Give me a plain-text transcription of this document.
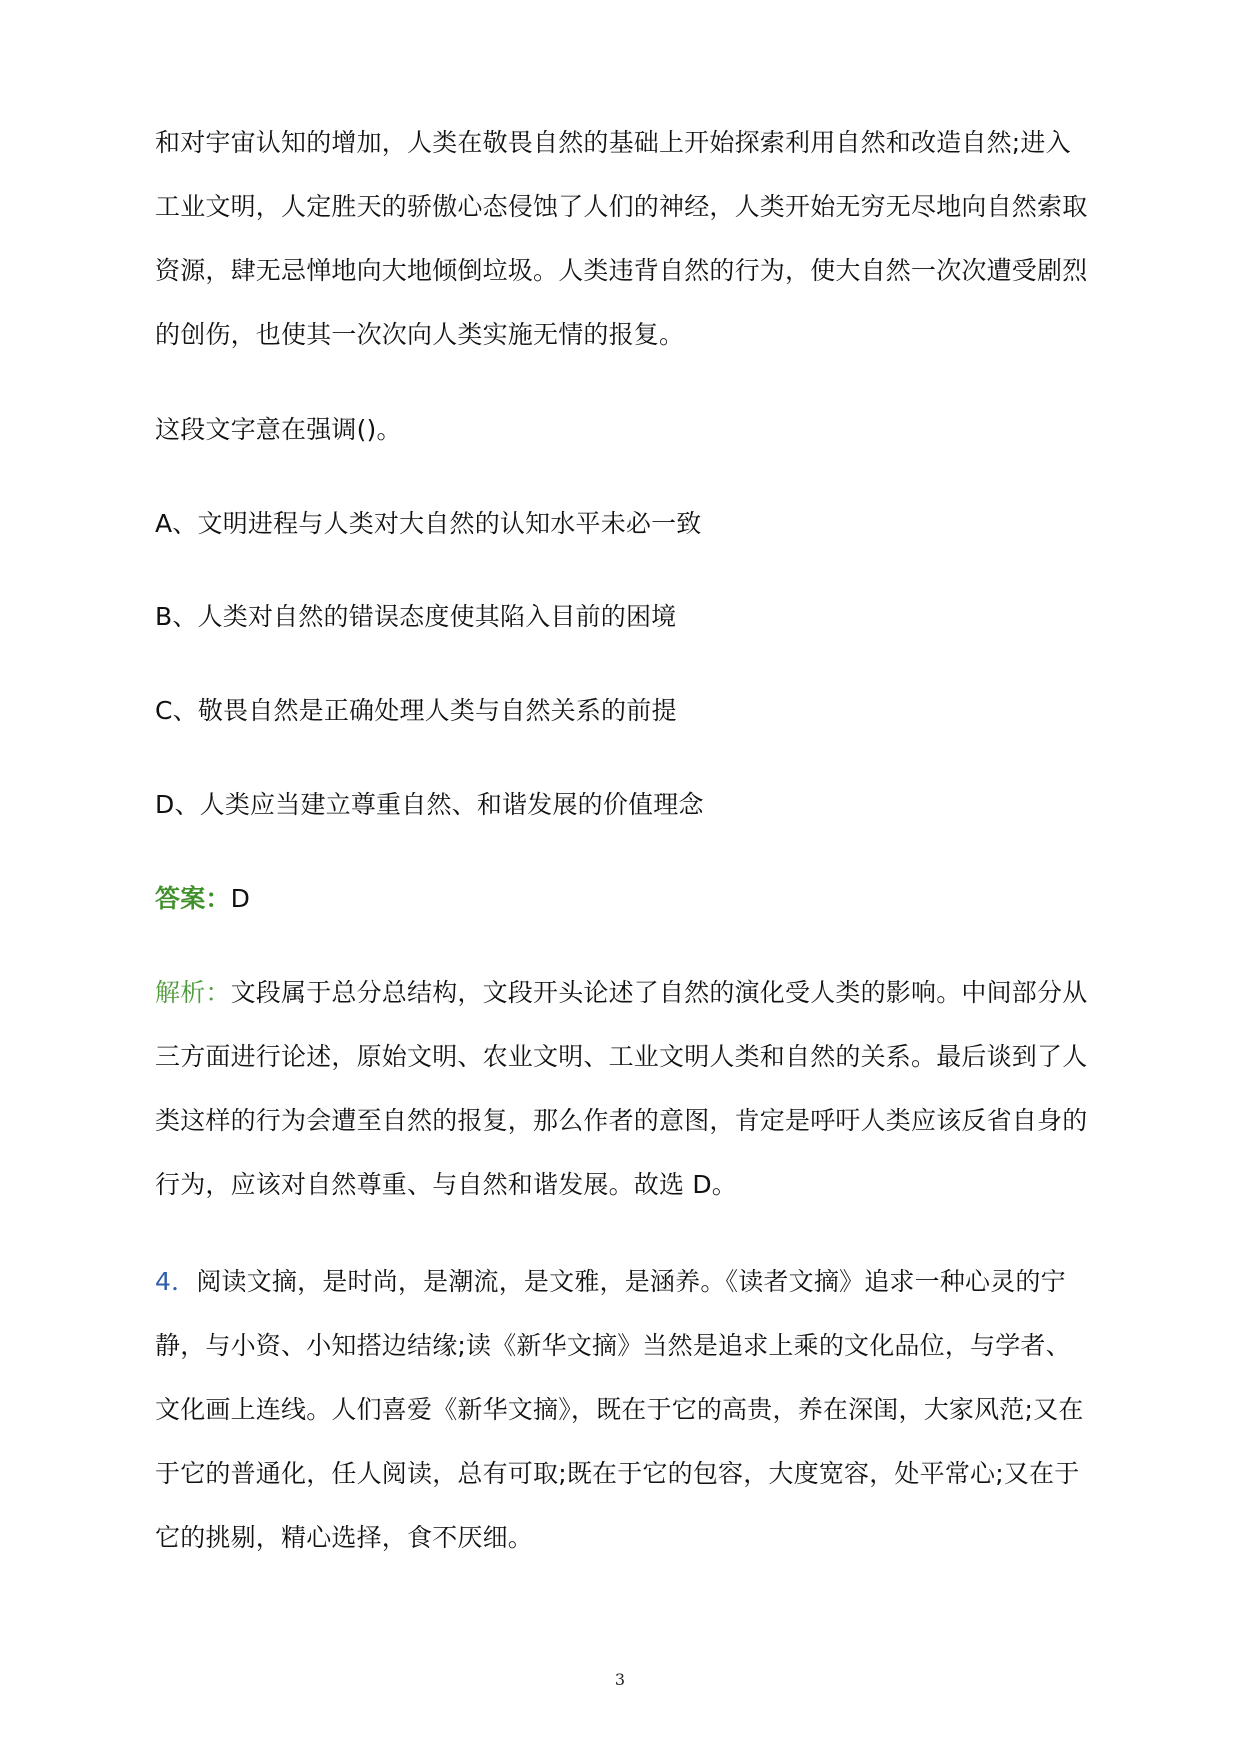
和对宇宙认知的增加，人类在敬畏自然的基础上开始探索利用自然和改造自然;进入工业文明，人定胜天的骄傲心态侵蚀了人们的神经，人类开始无穷无尽地向自然索取资源，肆无忌惮地向大地倾倒垃圾。人类违背自然的行为，使大自然一次次遭受剧烈的创伤，也使其一次次向人类实施无情的报复。

这段文字意在强调()。

A、文明进程与人类对大自然的认知水平未必一致

B、人类对自然的错误态度使其陷入目前的困境

C、敬畏自然是正确处理人类与自然关系的前提

D、人类应当建立尊重自然、和谐发展的价值理念

答案：D

解析：文段属于总分总结构，文段开头论述了自然的演化受人类的影响。中间部分从三方面进行论述，原始文明、农业文明、工业文明人类和自然的关系。最后谈到了人类这样的行为会遭至自然的报复，那么作者的意图，肯定是呼吁人类应该反省自身的行为，应该对自然尊重、与自然和谐发展。故选 D。

4．阅读文摘，是时尚，是潮流，是文雅，是涵养。《读者文摘》追求一种心灵的宁静，与小资、小知搭边结缘;读《新华文摘》当然是追求上乘的文化品位，与学者、文化画上连线。人们喜爱《新华文摘》，既在于它的高贵，养在深闺，大家风范;又在于它的普通化，任人阅读，总有可取;既在于它的包容，大度宽容，处平常心;又在于它的挑剔，精心选择，食不厌细。

3
